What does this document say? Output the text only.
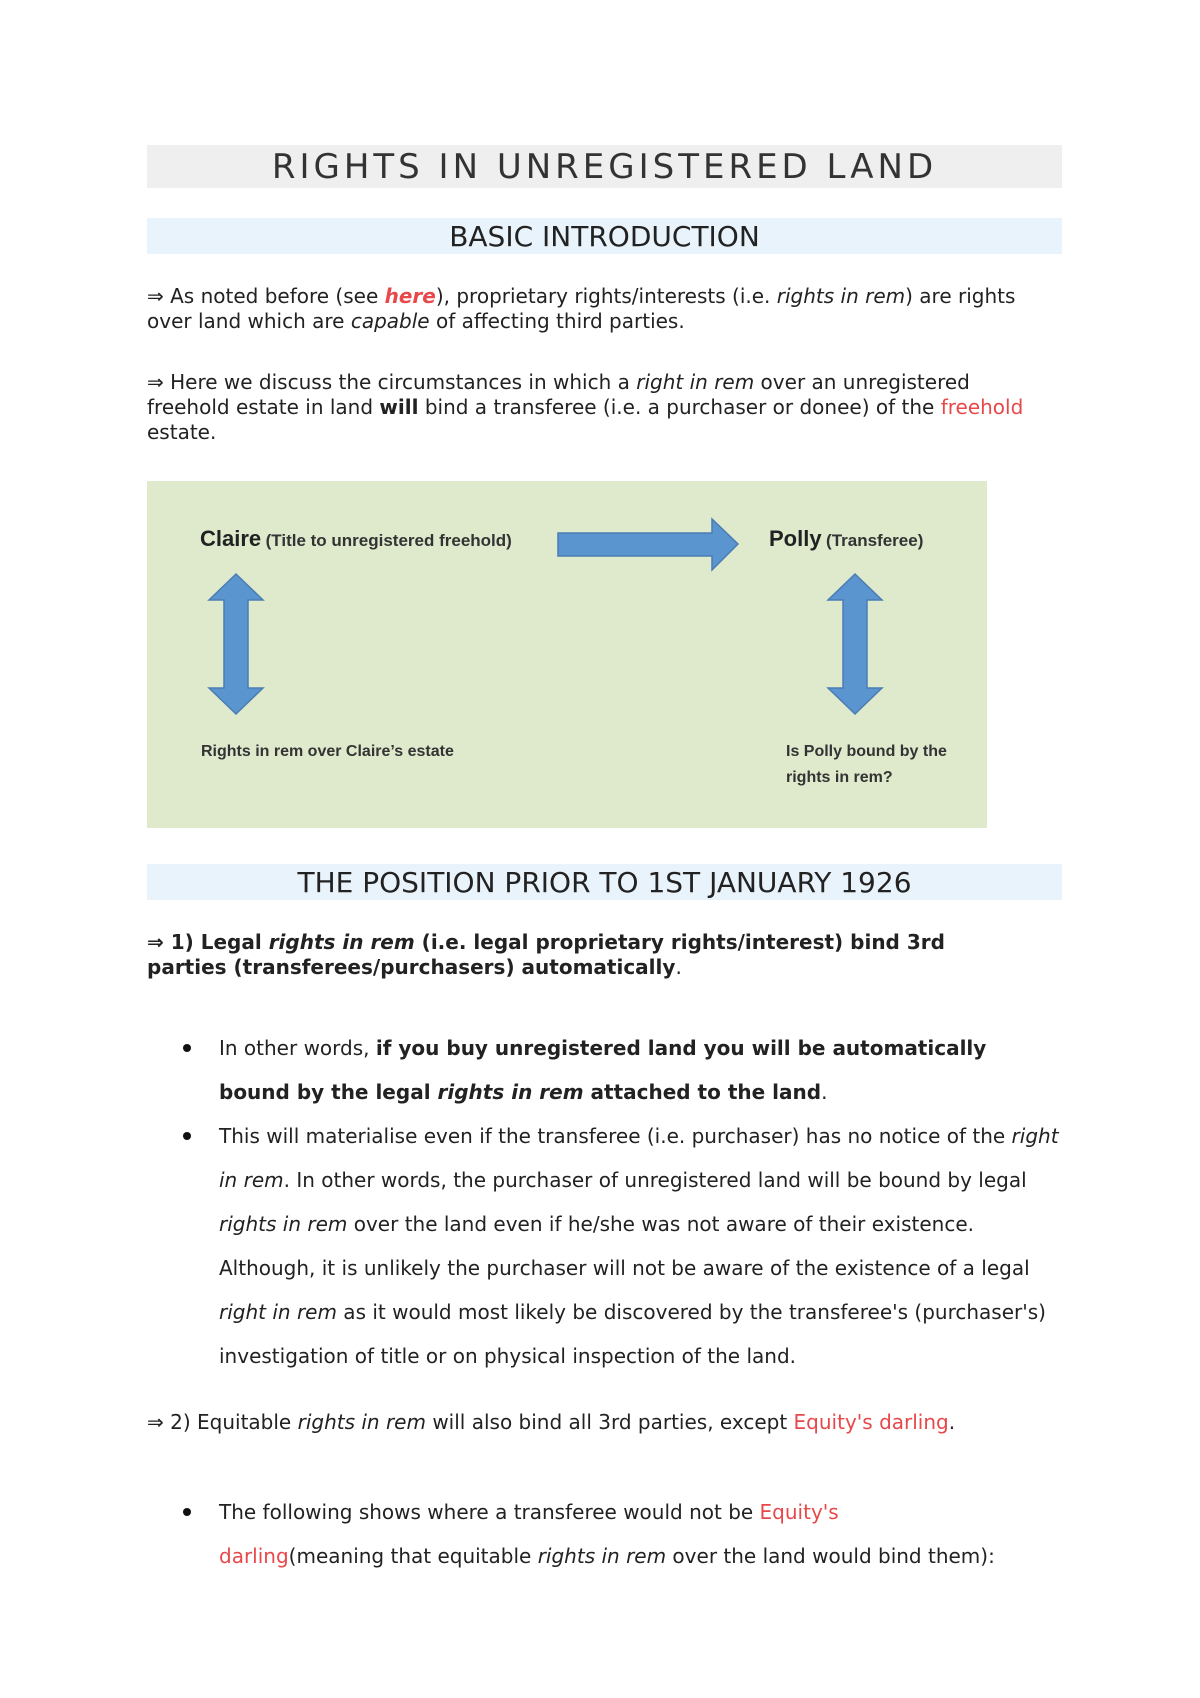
RIGHTS IN UNREGISTERED LAND
BASIC INTRODUCTION
⇒ As noted before (see here), proprietary rights/interests (i.e. rights in rem) are rights over land which are capable of affecting third parties.
⇒ Here we discuss the circumstances in which a right in rem over an unregistered freehold estate in land will bind a transferee (i.e. a purchaser or donee) of the freehold estate.
Claire (Title to unregistered freehold)	Polly (Transferee)
Rights in rem over Claire’s estate	Is Polly bound by the
rights in rem?
THE POSITION PRIOR TO 1ST JANUARY 1926
⇒ 1) Legal rights in rem (i.e. legal proprietary rights/interest) bind 3rd parties (transferees/purchasers) automatically.
In other words, if you buy unregistered land you will be automatically bound by the legal rights in rem attached to the land.
This will materialise even if the transferee (i.e. purchaser) has no notice of the right in rem. In other words, the purchaser of unregistered land will be bound by legal rights in rem over the land even if he/she was not aware of their existence. Although, it is unlikely the purchaser will not be aware of the existence of a legal right in rem as it would most likely be discovered by the transferee's (purchaser's) investigation of title or on physical inspection of the land.
⇒ 2) Equitable rights in rem will also bind all 3rd parties, except Equity's darling.
The following shows where a transferee would not be Equity's
darling(meaning that equitable rights in rem over the land would bind them):
